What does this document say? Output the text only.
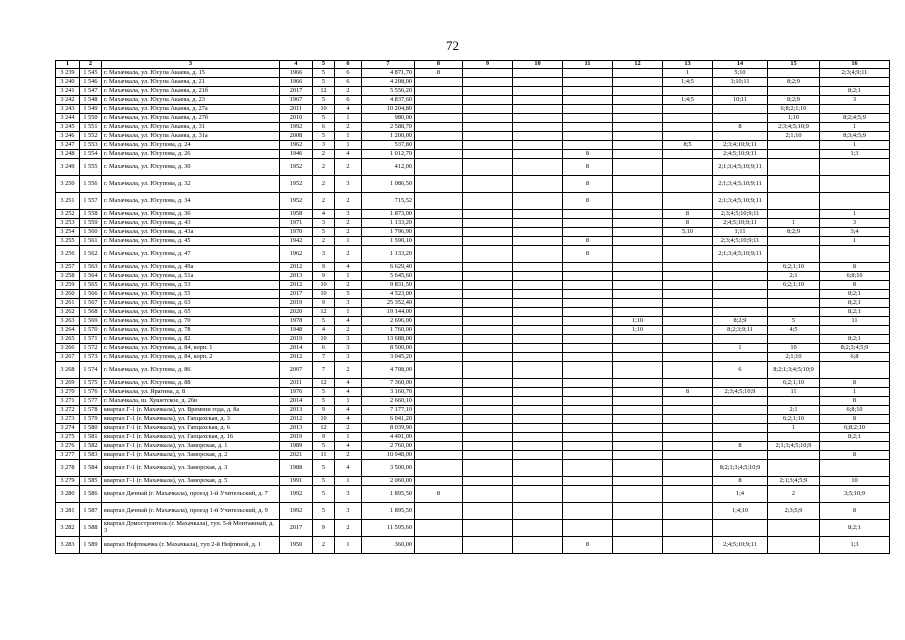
72
1	2	3	4	5	6	7	8	9	10	11	12	13	14	15	16
3 239	1 545	г. Махачкала, ул. Юсупа Акаева, д. 15	1966	5	6	4 871,70	8					1	5;10		2;3;4;9;11
3 240	1 546	г. Махачкала, ул. Юсупа Акаева, д. 21	1966	5	6	4 208,00						1;4;5	3;10;11	8;2;9	
3 241	1 547	г. Махачкала, ул. Юсупа Акаева, д. 21б	2017	12	2	5 556,20									8;2;1
3 242	1 548	г. Махачкала, ул. Юсупа Акаева, д. 23	1967	5	6	4 837,60						1;4;5	10;11	8;2;9	3
3 243	1 549	г. Махачкала, ул. Юсупа Акаева, д. 27а	2011	10	4	10 204,80								6;8;2;1;10	
3 244	1 550	г. Махачкала, ул. Юсупа Акаева, д. 27б	2010	5	1	980,00								1;10	8;2;4;5;9
3 245	1 551	г. Махачкала, ул. Юсупа Акаева, д. 31	1992	6	2	2 588,70							8	2;3;4;5;10;9	1
3 246	1 552	г. Махачкала, ул. Юсупа Акаева, д. 31а	2008	5	1	1 200,00								2;1;10	8;3;4;5;9
3 247	1 553	г. Махачкала, ул. Юсупова, д. 24	1962	3	1	537,80						8;5	2;3;4;10;9;11		1
3 248	1 554	г. Махачкала, ул. Юсупова, д. 26	1946	2	4	1 012,70				8			2;4;5;10;9;11		1;3
3 249	1 555	г. Махачкала, ул. Юсупова, д. 30	1952	2	2	412,00				8			2;1;3;4;5;10;9;11		
3 250	1 556	г. Махачкала, ул. Юсупова, д. 32	1952	2	3	1 086,50				8			2;1;3;4;5;10;9;11		
3 251	1 557	г. Махачкала, ул. Юсупова, д. 34	1952	2	2	715,52				8			2;1;3;4;5;10;9;11		
3 252	1 558	г. Махачкала, ул. Юсупова, д. 36	1958	4	3	1 873,00						8	2;3;4;5;10;9;11		1
3 253	1 559	г. Махачкала, ул. Юсупова, д. 43	1971	3	2	1 133,20						8	2;4;5;10;9;11	1	3
3 254	1 560	г. Махачкала, ул. Юсупова, д. 43а	1970	5	2	1 796,90						5;10	1;11	8;2;9	3;4
3 255	1 561	г. Махачкала, ул. Юсупова, д. 45	1942	2	1	1 590,10				8			2;3;4;5;10;9;11		1
3 256	1 562	г. Махачкала, ул. Юсупова, д. 47	1962	3	2	1 133,20				8			2;1;3;4;5;10;9;11		
3 257	1 563	г. Махачкала, ул. Юсупова, д. 49а	2012	9	4	6 629,40								6;2;1;10	8
3 258	1 564	г. Махачкала, ул. Юсупова, д. 51а	2013	9	1	5 645,60								2;1	6;8;10
3 259	1 565	г. Махачкала, ул. Юсупова, д. 53	2012	10	2	9 831,50								6;2;1;10	8
3 260	1 566	г. Махачкала, ул. Юсупова, д. 55	2017	10	5	4 523,00									8;2;1
3 261	1 567	г. Махачкала, ул. Юсупова, д. 63	2019	9	3	25 352,40									8;2;1
3 262	1 568	г. Махачкала, ул. Юсупова, д. 65	2020	12	1	19 144,00									8;2;1
3 263	1 569	г. Махачкала, ул. Юсупова, д. 70	1978	5	4	2 696,00					1;10		8;2;9	5	11
3 264	1 570	г. Махачкала, ул. Юсупова, д. 78	1948	4	2	1 760,00					1;10		8;2;3;9;11	4;5	
3 265	1 571	г. Махачкала, ул. Юсупова, д. 82	2019	10	3	13 688,00									8;2;1
3 266	1 572	г. Махачкала, ул. Юсупова, д. 84, корп. 1	2014	6	3	8 500,00							1	10	8;2;3;4;5;9
3 267	1 573	г. Махачкала, ул. Юсупова, д. 84, корп. 2	2012	7	3	3 045,20								2;1;10	6;8
3 268	1 574	г. Махачкала, ул. Юсупова, д. 86	2007	7	2	4 708,00							6	8;2;1;3;4;5;10;9	
3 269	1 575	г. Махачкала, ул. Юсупова, д. 88	2011	12	4	7 360,00								6;2;1;10	8
3 270	1 576	г. Махачкала, ул. Ярагина, д. 8	1976	5	4	3 160,70						8	2;3;4;5;10;9	11	1
3 271	1 577	г. Махачкала, ш. Хушетское, д. 26в	2014	5	1	2 660,10									8
3 272	1 578	квартал Г-1 (г. Махачкала), ул. Времени года, д. 8а	2013	9	4	7 177,10								2;1	6;8;10
3 273	1 579	квартал Г-1 (г. Махачкала), ул. Гапцахская, д. 3	2012	10	4	6 041,20								6;2;1;10	8
3 274	1 580	квартал Г-1 (г. Махачкала), ул. Гапцахская, д. 6	2013	12	2	8 039,90								1	6;8;2;10
3 275	1 581	квартал Г-1 (г. Махачкала), ул. Гапцахская, д. 16	2019	9	1	4 491,00									8;2;1
3 276	1 582	квартал Г-1 (г. Махачкала), ул. Заморская, д. 1	1989	5	4	2 760,00							8	2;1;3;4;5;10;9	
3 277	1 583	квартал Г-1 (г. Махачкала), ул. Заморская, д. 2	2021	11	2	10 948,00									8
3 278	1 584	квартал Г-1 (г. Махачкала), ул. Заморская, д. 3	1988	5	4	3 500,00							8;2;1;3;4;5;10;9		
3 279	1 585	квартал Г-1 (г. Махачкала), ул. Заморская, д. 5	1991	5	1	2 060,00							8	2;1;3;4;5;9	10
3 280	1 586	квартал Дачный (г. Махачкала), проезд 1-й Учительский, д. 7	1992	5	3	1 895,50	8						1;4	2	3;5;10;9
3 281	1 587	квартал Дачный (г. Махачкала), проезд 1-й Учительский, д. 9	1992	5	3	1 895,50							1;4;10	2;3;5;9	8
3 282	1 588	квартал Домостроитель (г. Махачкала), туп. 5-й Монтажный, д. 3	2017	9	2	11 595,60									8;2;1
3 283	1 589	квартал Нефтекачка (г. Махачкала), туп 2-й Нефтяной, д. 1	1950	2	1	360,00				8			2;4;5;10;9;11		1;3
